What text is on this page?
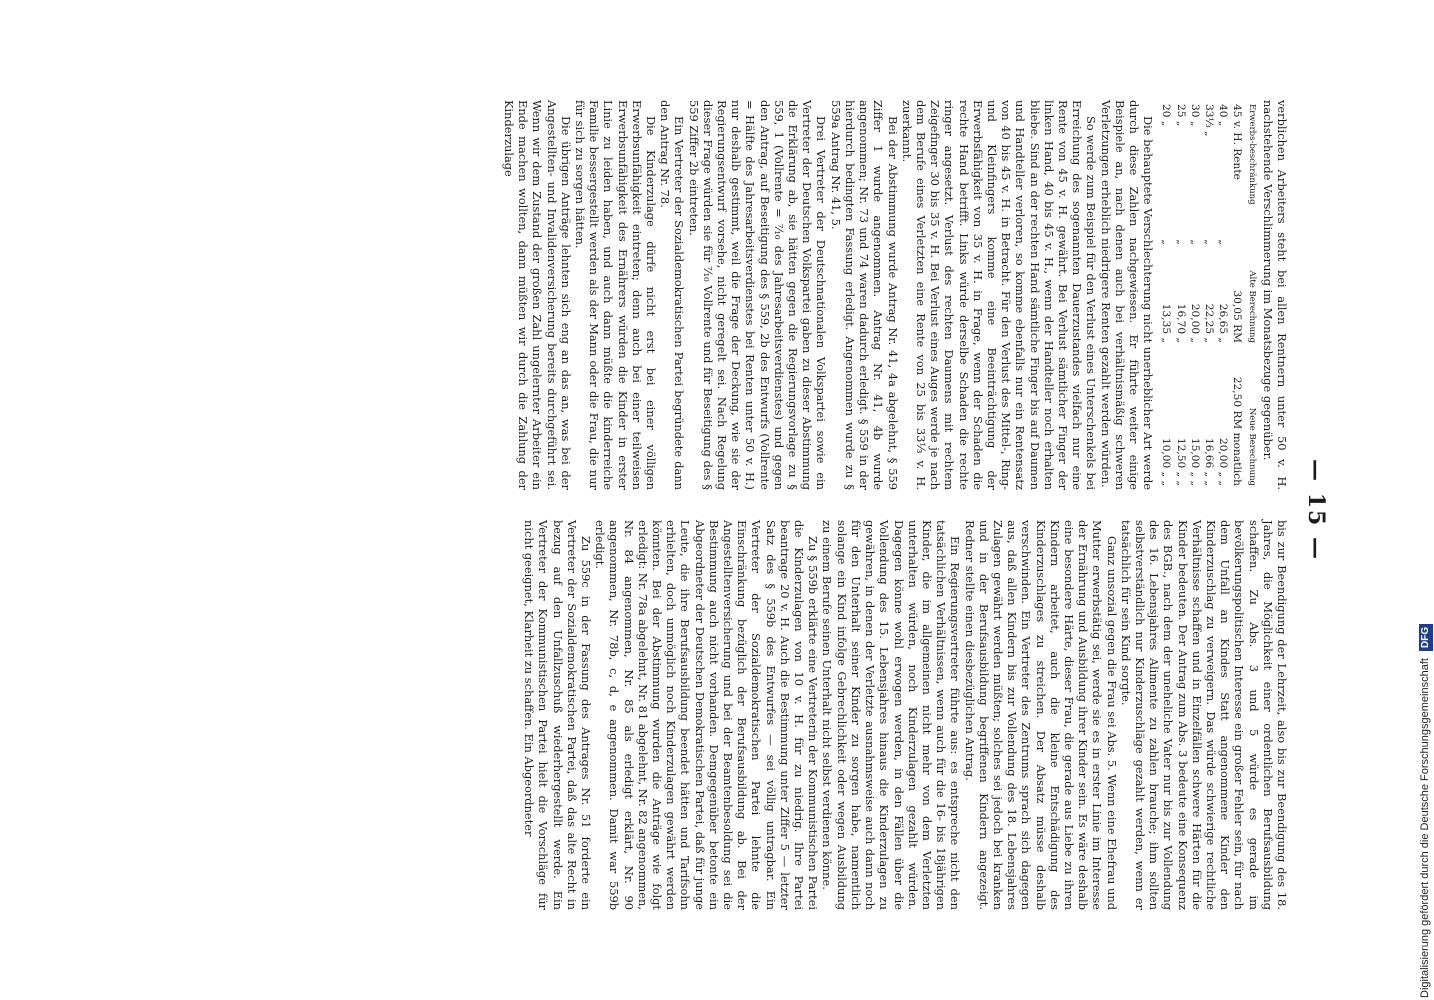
— 15 —

verblichen Arbeiters steht bei allen Rentnern unter 50 v. H. nachstehende Verschlimmerung im Monatsbezuge gegenüber.

Erwerbs-beschränkung		Alte Berechnung	Neue Berechnung
45 v. H. Rente		30,05 RM	22,50 RM monatlich
40 „	„	26,65 „	20,00 „ „
33⅓ „	„	22,25 „	16,66 „ „
30 „	„	20,00 „	15,00 „ „
25 „	„	16,70 „	12,50 „ „
20 „	„	13,35 „	10,00 „ „

Die behauptete Verschlechterung nicht unerheblicher Art werde durch diese Zahlen nachgewiesen. Er führte weiter einige Beispiele an, nach denen auch bei verhältnismäßig schweren Verletzungen erheblich niedrigere Renten gezahlt werden würden.

So werde zum Beispiel für den Verlust eines Unterschenkels bei Erreichung des sogenannten Dauerzustandes vielfach nur eine Rente von 45 v. H. gewährt. Bei Verlust sämtlicher Finger der linken Hand, 40 bis 45 v. H., wenn der Handteller noch erhalten bliebe. Sind an der rechten Hand sämtliche Finger bis auf Daumen und Handteller verloren, so komme ebenfalls nur ein Rentensatz von 40 bis 45 v. H. in Betracht. Für den Verlust des Mittel-, Ring- und Kleinfingers komme eine Beeinträchtigung der Erwerbsfähigkeit von 35 v. H. in Frage, wenn der Schaden die rechte Hand betrifft. Links würde derselbe Schaden die rechte ringer angesetzt. Verlust des rechten Daumens mit rechtem Zeigefinger 30 bis 35 v. H. Bei Verlust eines Auges werde je nach dem Berufe eines Verletzten eine Rente von 25 bis 33⅓ v. H. zuerkannt.

Bei der Abstimmung wurde Antrag Nr. 41, 4a abgelehnt, § 559 Ziffer 1 wurde angenommen. Antrag Nr. 41, 4b wurde angenommen; Nr. 73 und 74 waren dadurch erledigt. § 559 in der hierdurch bedingten Fassung erledigt. Angenommen wurde zu § 559a Antrag Nr. 41, 5.

Drei Vertreter der Deutschnationalen Volkspartei sowie ein Vertreter der Deutschen Volkspartei gaben zu dieser Abstimmung die Erklärung ab, sie hätten gegen die Regierungsvorlage zu § 559, 1 (Vollrente = ⁷⁄₁₀ des Jahresarbeitsverdienstes) und gegen den Antrag, auf Beseitigung des § 559, 2b des Entwurfs (Vollrente = Hälfte des Jahresarbeitsverdienstes bei Renten unter 50 v. H.) nur deshalb gestimmt, weil die Frage der Deckung, wie sie der Regierungsentwurf vorsehe, nicht geregelt sei. Nach Regelung dieser Frage würden sie für ⁷⁄₁₀ Vollrente und für Beseitigung des § 559 Ziffer 2b eintreten.

Ein Vertreter der Sozialdemokratischen Partei begründete dann den Antrag Nr. 78.

Die Kinderzulage dürfe nicht erst bei einer völligen Erwerbsunfähigkeit eintreten; denn auch bei einer teilweisen Erwerbsunfähigkeit des Ernährers würden die Kinder in erster Linie zu leiden haben, und auch dann müßte die kinderreiche Familie bessergestellt werden als der Mann oder die Frau, die nur für sich zu sorgen hätten.

Die übrigen Anträge lehnten sich eng an das an, was bei der Angestellten- und Invalidenversicherung bereits durchgeführt sei. Wenn wir dem Zustand der großen Zahl ungelernter Arbeiter ein Ende machen wollten, dann müßten wir durch die Zahlung der Kinderzulage

bis zur Beendigung der Lehrzeit, also bis zur Beendigung des 18. Jahres, die Möglichkeit einer ordentlichen Berufsausbildung schaffen. Zu Abs. 3 und 5 würde es gerade im bevölkerungspolitischen Interesse ein großer Fehler sein, für nach dem Unfall an Kindes Statt angenommene Kinder den Kinderzuschlag zu verweigern. Das würde schwierige rechtliche Verhältnisse schaffen und in Einzelfällen schwere Härten für die Kinder bedeuten. Der Antrag zum Abs. 3 bedeute eine Konsequenz des BGB., nach dem der uneheliche Vater nur bis zur Vollendung des 16. Lebensjahres Alimente zu zahlen brauche; ihm sollten selbstverständlich nur Kinderzuschläge gezahlt werden, wenn er tatsächlich für sein Kind sorgte.

Ganz unsozial gegen die Frau sei Abs. 5. Wenn eine Ehefrau und Mutter erwerbstätig sei, werde sie es in erster Linie im Interesse der Ernährung und Ausbildung ihrer Kinder sein. Es wäre deshalb eine besondere Härte, dieser Frau, die gerade aus Liebe zu ihren Kindern arbeitet, auch die kleine Entschädigung des Kinderzuschlages zu streichen. Der Absatz müsse deshalb verschwinden. Ein Vertreter des Zentrums sprach sich dagegen aus, daß allen Kindern bis zur Vollendung des 18. Lebensjahres Zulagen gewährt werden müßten; solches sei jedoch bei kranken und in der Berufsausbildung begriffenen Kindern angezeigt. Redner stellte einen diesbezüglichen Antrag.

Ein Regierungsvertreter führte aus: es entspreche nicht den tatsächlichen Verhältnissen, wenn auch für die 16- bis 18jährigen Kinder, die im allgemeinen nicht mehr von dem Verletzten unterhalten würden, noch Kinderzulagen gezahlt würden. Dagegen könne wohl erwogen werden, in den Fällen über die Vollendung des 15. Lebensjahres hinaus die Kinderzulagen zu gewähren, in denen der Verletzte ausnahmsweise auch dann noch für den Unterhalt seiner Kinder zu sorgen habe, namentlich solange ein Kind infolge Gebrechlichkeit oder wegen Ausbildung zu einem Berufe seinen Unterhalt nicht selbst verdienen könne.

Zu § 559b erklärte eine Vertreterin der Kommunistischen Partei die Kinderzulagen von 10 v. H. für zu niedrig. Ihre Partei beantrage 20 v. H. Auch die Bestimmung unter Ziffer 5 — letzter Satz des § 559b des Entwurfes — sei völlig untragbar. Ein Vertreter der Sozialdemokratischen Partei lehnte die Einschränkung bezüglich der Berufsausbildung ab. Bei der Angestelltenversicherung und bei der Beamtenbesoldung sei die Bestimmung auch nicht vorhanden. Demgegenüber betonte ein Abgeordneter der Deutschen Demokratischen Partei, daß für junge Leute, die ihre Berufsausbildung beendet hätten und Tarifsohn erhielten, doch unmöglich noch Kinderzulagen gewährt werden könnten. Bei der Abstimmung wurden die Anträge wie folgt erledigt: Nr. 78a abgelehnt, Nr. 81 abgelehnt, Nr. 82 angenommen, Nr. 84 angenommen, Nr. 85 als erledigt erklärt, Nr. 90 angenommen, Nr. 78b, c, d, e angenommen. Damit war 559b erledigt.

Zu 559c in der Fassung des Antrages Nr. 51 forderte ein Vertreter der Sozialdemokratischen Partei, daß das alte Recht in bezug auf den Unfallzuschuß wiederhergestellt werde. Ein Vertreter der Kommunistischen Partei hielt die Vorschläge für nicht geeignet, Klarheit zu schaffen. Ein Abgeordneter	Digitalisierung gefördert durch die Deutsche Forschungsgemeinschaft DFG
